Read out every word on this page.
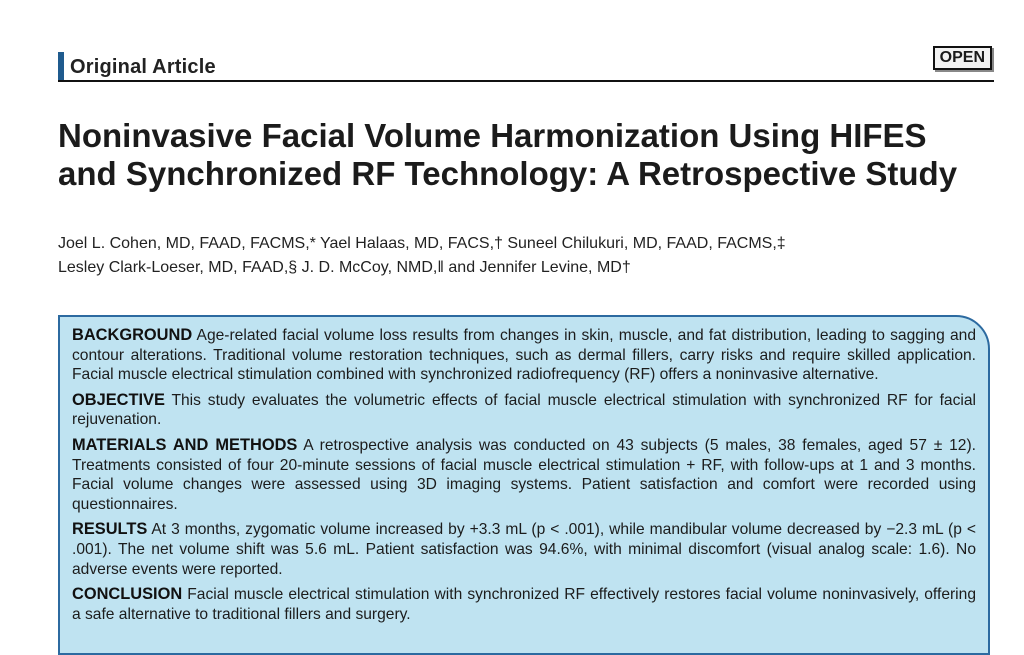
Original Article	OPEN
Noninvasive Facial Volume Harmonization Using HIFES and Synchronized RF Technology: A Retrospective Study
Joel L. Cohen, MD, FAAD, FACMS,* Yael Halaas, MD, FACS,† Suneel Chilukuri, MD, FAAD, FACMS,‡
Lesley Clark-Loeser, MD, FAAD,§ J. D. McCoy, NMD,‖ and Jennifer Levine, MD†

BACKGROUND Age-related facial volume loss results from changes in skin, muscle, and fat distribution, leading to sagging and contour alterations. Traditional volume restoration techniques, such as dermal fillers, carry risks and require skilled application. Facial muscle electrical stimulation combined with synchronized radiofrequency (RF) offers a noninvasive alternative.

OBJECTIVE This study evaluates the volumetric effects of facial muscle electrical stimulation with synchronized RF for facial rejuvenation.

MATERIALS AND METHODS A retrospective analysis was conducted on 43 subjects (5 males, 38 females, aged 57 ± 12). Treatments consisted of four 20-minute sessions of facial muscle electrical stimulation + RF, with follow-ups at 1 and 3 months. Facial volume changes were assessed using 3D imaging systems. Patient satisfaction and comfort were recorded using questionnaires.

RESULTS At 3 months, zygomatic volume increased by +3.3 mL (p < .001), while mandibular volume decreased by −2.3 mL (p < .001). The net volume shift was 5.6 mL. Patient satisfaction was 94.6%, with minimal discomfort (visual analog scale: 1.6). No adverse events were reported.

CONCLUSION Facial muscle electrical stimulation with synchronized RF effectively restores facial volume noninvasively, offering a safe alternative to traditional fillers and surgery.
